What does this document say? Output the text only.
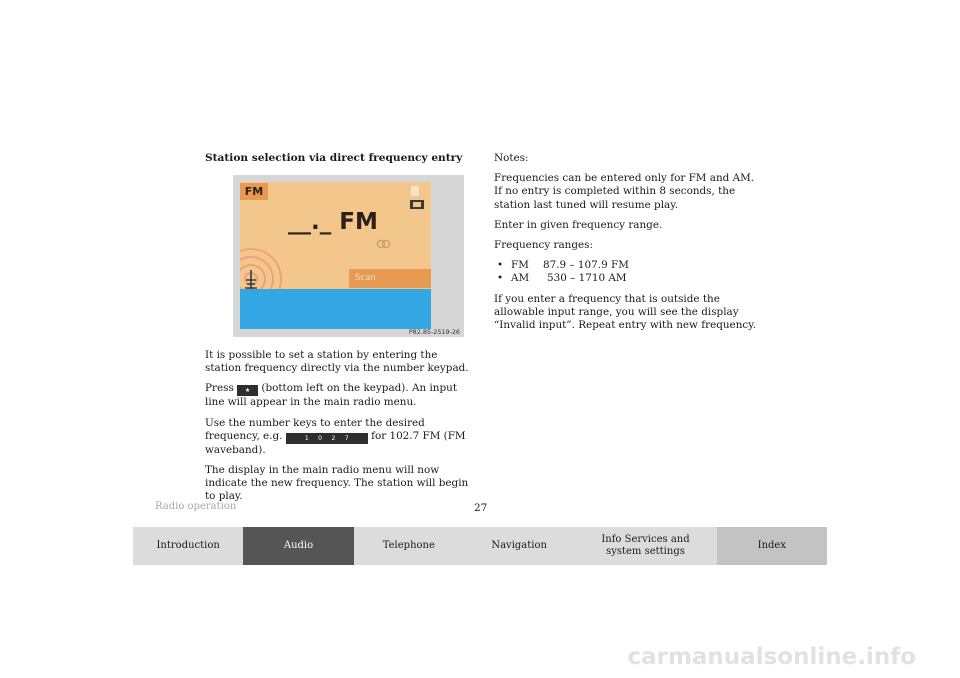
Station selection via direct frequency entry

FM
__._ FM
Scan
P82.85-2519-26

It is possible to set a station by entering the station frequency directly via the number keypad.

Press ★ (bottom left on the keypad). An input line will appear in the main radio menu.

Use the number keys to enter the desired frequency, e.g.	1     0     2     7 for 102.7 FM (FM waveband).

The display in the main radio menu will now indicate the new frequency. The station will begin to play.

Notes:

Frequencies can be entered only for FM and AM. If no entry is completed within 8 seconds, the station last tuned will resume play.

Enter in given frequency range.

Frequency ranges:

• FM	87.9 – 107.9 FM
• AM	530 – 1710 AM

If you enter a frequency that is outside the allowable input range, you will see the display “Invalid input”. Repeat entry with new frequency.

Radio operation	27
Introduction	Audio	Telephone	Navigation
Info Services and system settings
Index
carmanualsonline.info
